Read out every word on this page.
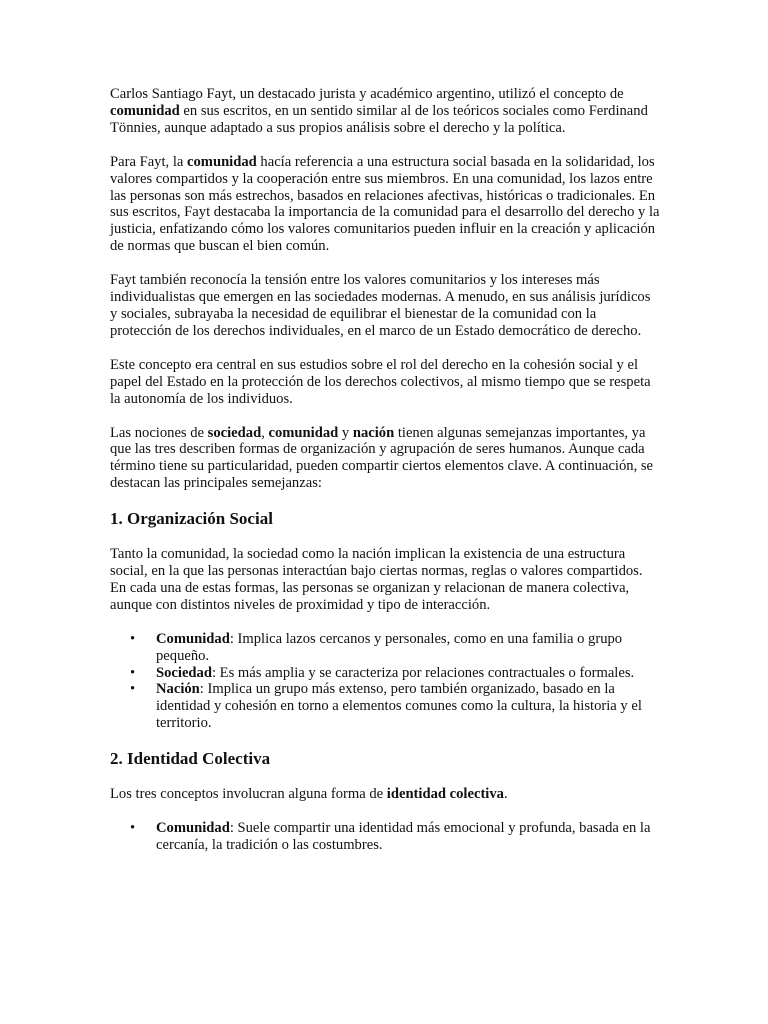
Carlos Santiago Fayt, un destacado jurista y académico argentino, utilizó el concepto de comunidad en sus escritos, en un sentido similar al de los teóricos sociales como Ferdinand Tönnies, aunque adaptado a sus propios análisis sobre el derecho y la política.

Para Fayt, la comunidad hacía referencia a una estructura social basada en la solidaridad, los valores compartidos y la cooperación entre sus miembros. En una comunidad, los lazos entre las personas son más estrechos, basados en relaciones afectivas, históricas o tradicionales. En sus escritos, Fayt destacaba la importancia de la comunidad para el desarrollo del derecho y la justicia, enfatizando cómo los valores comunitarios pueden influir en la creación y aplicación de normas que buscan el bien común.

Fayt también reconocía la tensión entre los valores comunitarios y los intereses más individualistas que emergen en las sociedades modernas. A menudo, en sus análisis jurídicos y sociales, subrayaba la necesidad de equilibrar el bienestar de la comunidad con la protección de los derechos individuales, en el marco de un Estado democrático de derecho.

Este concepto era central en sus estudios sobre el rol del derecho en la cohesión social y el papel del Estado en la protección de los derechos colectivos, al mismo tiempo que se respeta la autonomía de los individuos.

Las nociones de sociedad, comunidad y nación tienen algunas semejanzas importantes, ya que las tres describen formas de organización y agrupación de seres humanos. Aunque cada término tiene su particularidad, pueden compartir ciertos elementos clave. A continuación, se destacan las principales semejanzas:

1. Organización Social

Tanto la comunidad, la sociedad como la nación implican la existencia de una estructura social, en la que las personas interactúan bajo ciertas normas, reglas o valores compartidos. En cada una de estas formas, las personas se organizan y relacionan de manera colectiva, aunque con distintos niveles de proximidad y tipo de interacción.

• Comunidad: Implica lazos cercanos y personales, como en una familia o grupo pequeño.
• Sociedad: Es más amplia y se caracteriza por relaciones contractuales o formales.
• Nación: Implica un grupo más extenso, pero también organizado, basado en la identidad y cohesión en torno a elementos comunes como la cultura, la historia y el territorio.
2. Identidad Colectiva

Los tres conceptos involucran alguna forma de identidad colectiva.

• Comunidad: Suele compartir una identidad más emocional y profunda, basada en la cercanía, la tradición o las costumbres.
